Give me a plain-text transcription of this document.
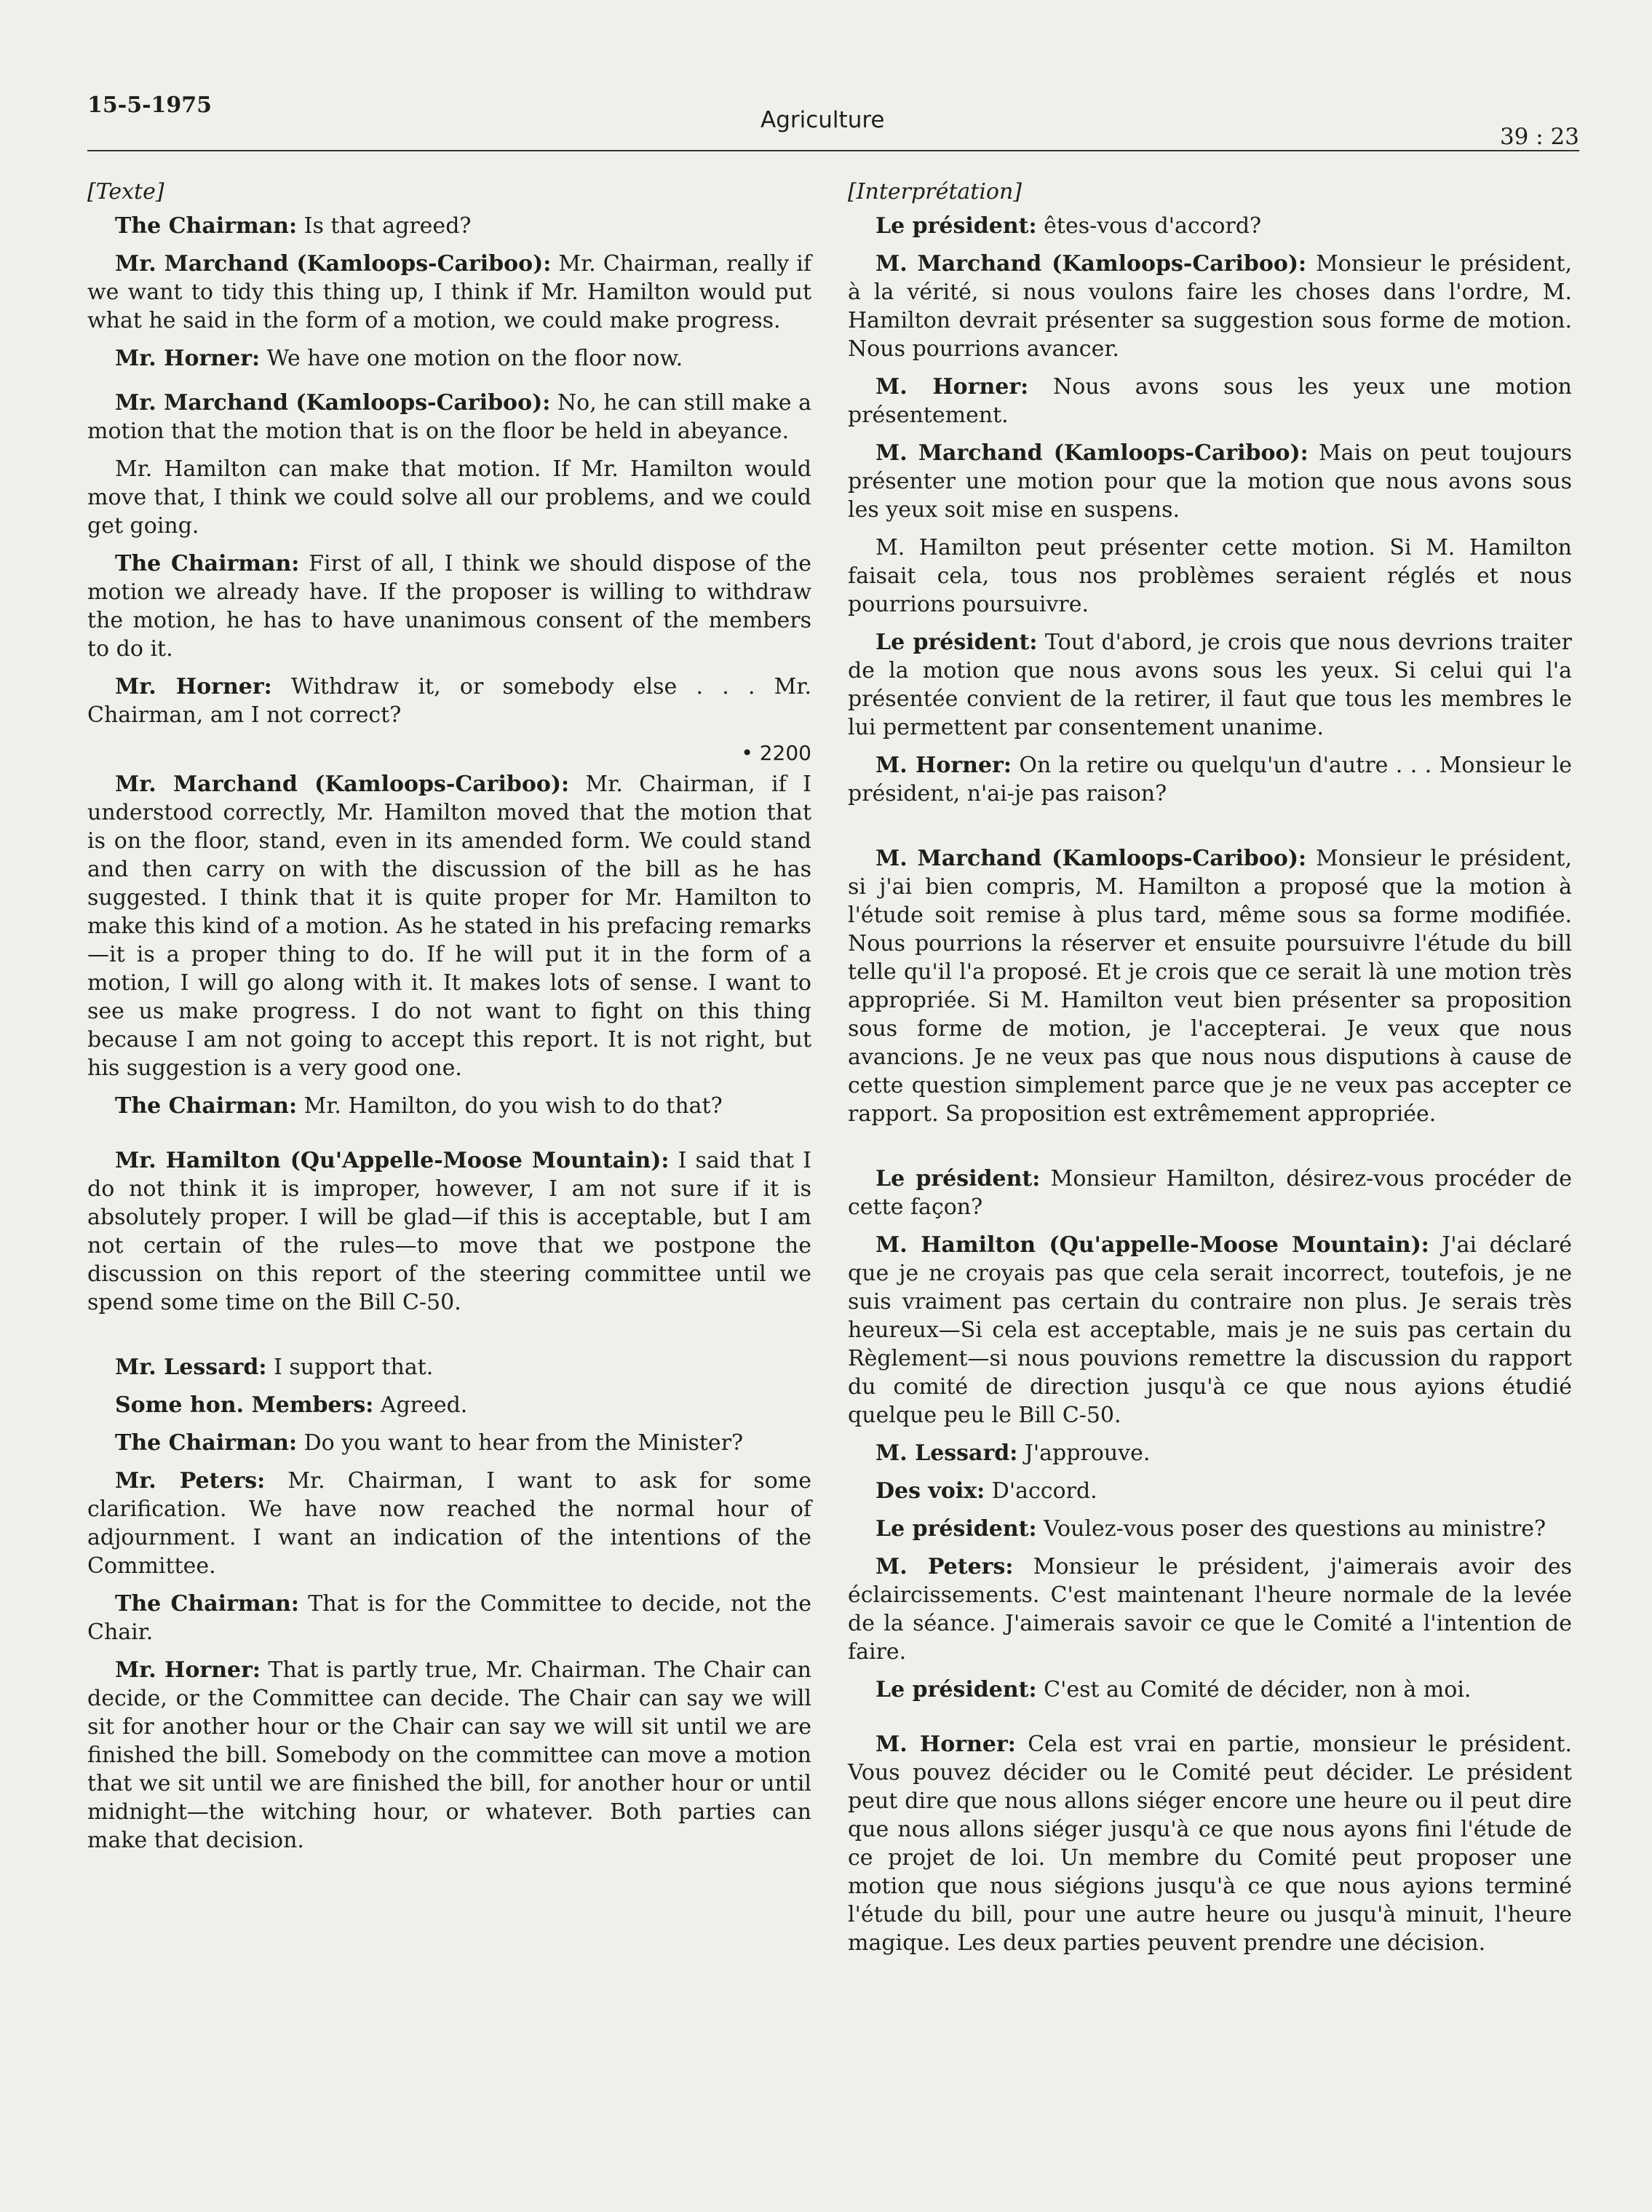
15-5-1975
Agriculture
39 : 23
[Texte]

The Chairman: Is that agreed?

Mr. Marchand (Kamloops-Cariboo): Mr. Chairman, really if we want to tidy this thing up, I think if Mr. Hamilton would put what he said in the form of a motion, we could make progress.

Mr. Horner: We have one motion on the floor now.

Mr. Marchand (Kamloops-Cariboo): No, he can still make a motion that the motion that is on the floor be held in abeyance.

Mr. Hamilton can make that motion. If Mr. Hamilton would move that, I think we could solve all our problems, and we could get going.

The Chairman: First of all, I think we should dispose of the motion we already have. If the proposer is willing to withdraw the motion, he has to have unanimous consent of the members to do it.

Mr. Horner: Withdraw it, or somebody else . . . Mr. Chairman, am I not correct?

• 2200

Mr. Marchand (Kamloops-Cariboo): Mr. Chairman, if I understood correctly, Mr. Hamilton moved that the motion that is on the floor, stand, even in its amended form. We could stand and then carry on with the discussion of the bill as he has suggested. I think that it is quite proper for Mr. Hamilton to make this kind of a motion. As he stated in his prefacing remarks—it is a proper thing to do. If he will put it in the form of a motion, I will go along with it. It makes lots of sense. I want to see us make progress. I do not want to fight on this thing because I am not going to accept this report. It is not right, but his suggestion is a very good one.

The Chairman: Mr. Hamilton, do you wish to do that?

Mr. Hamilton (Qu'Appelle-Moose Mountain): I said that I do not think it is improper, however, I am not sure if it is absolutely proper. I will be glad—if this is acceptable, but I am not certain of the rules—to move that we postpone the discussion on this report of the steering committee until we spend some time on the Bill C-50.

Mr. Lessard: I support that.

Some hon. Members: Agreed.

The Chairman: Do you want to hear from the Minister?

Mr. Peters: Mr. Chairman, I want to ask for some clarification. We have now reached the normal hour of adjournment. I want an indication of the intentions of the Committee.

The Chairman: That is for the Committee to decide, not the Chair.

Mr. Horner: That is partly true, Mr. Chairman. The Chair can decide, or the Committee can decide. The Chair can say we will sit for another hour or the Chair can say we will sit until we are finished the bill. Somebody on the committee can move a motion that we sit until we are finished the bill, for another hour or until midnight—the witching hour, or whatever. Both parties can make that decision.

[Interprétation]

Le président: êtes-vous d'accord?

M. Marchand (Kamloops-Cariboo): Monsieur le président, à la vérité, si nous voulons faire les choses dans l'ordre, M. Hamilton devrait présenter sa suggestion sous forme de motion. Nous pourrions avancer.

M. Horner: Nous avons sous les yeux une motion présentement.

M. Marchand (Kamloops-Cariboo): Mais on peut toujours présenter une motion pour que la motion que nous avons sous les yeux soit mise en suspens.

M. Hamilton peut présenter cette motion. Si M. Hamilton faisait cela, tous nos problèmes seraient réglés et nous pourrions poursuivre.

Le président: Tout d'abord, je crois que nous devrions traiter de la motion que nous avons sous les yeux. Si celui qui l'a présentée convient de la retirer, il faut que tous les membres le lui permettent par consentement unanime.

M. Horner: On la retire ou quelqu'un d'autre . . . Monsieur le président, n'ai-je pas raison?

M. Marchand (Kamloops-Cariboo): Monsieur le président, si j'ai bien compris, M. Hamilton a proposé que la motion à l'étude soit remise à plus tard, même sous sa forme modifiée. Nous pourrions la réserver et ensuite poursuivre l'étude du bill telle qu'il l'a proposé. Et je crois que ce serait là une motion très appropriée. Si M. Hamilton veut bien présenter sa proposition sous forme de motion, je l'accepterai. Je veux que nous avancions. Je ne veux pas que nous nous disputions à cause de cette question simplement parce que je ne veux pas accepter ce rapport. Sa proposition est extrêmement appropriée.

Le président: Monsieur Hamilton, désirez-vous procéder de cette façon?

M. Hamilton (Qu'appelle-Moose Mountain): J'ai déclaré que je ne croyais pas que cela serait incorrect, toutefois, je ne suis vraiment pas certain du contraire non plus. Je serais très heureux—Si cela est acceptable, mais je ne suis pas certain du Règlement—si nous pouvions remettre la discussion du rapport du comité de direction jusqu'à ce que nous ayions étudié quelque peu le Bill C-50.

M. Lessard: J'approuve.

Des voix: D'accord.

Le président: Voulez-vous poser des questions au ministre?

M. Peters: Monsieur le président, j'aimerais avoir des éclaircissements. C'est maintenant l'heure normale de la levée de la séance. J'aimerais savoir ce que le Comité a l'intention de faire.

Le président: C'est au Comité de décider, non à moi.

M. Horner: Cela est vrai en partie, monsieur le président. Vous pouvez décider ou le Comité peut décider. Le président peut dire que nous allons siéger encore une heure ou il peut dire que nous allons siéger jusqu'à ce que nous ayons fini l'étude de ce projet de loi. Un membre du Comité peut proposer une motion que nous siégions jusqu'à ce que nous ayions terminé l'étude du bill, pour une autre heure ou jusqu'à minuit, l'heure magique. Les deux parties peuvent prendre une décision.
